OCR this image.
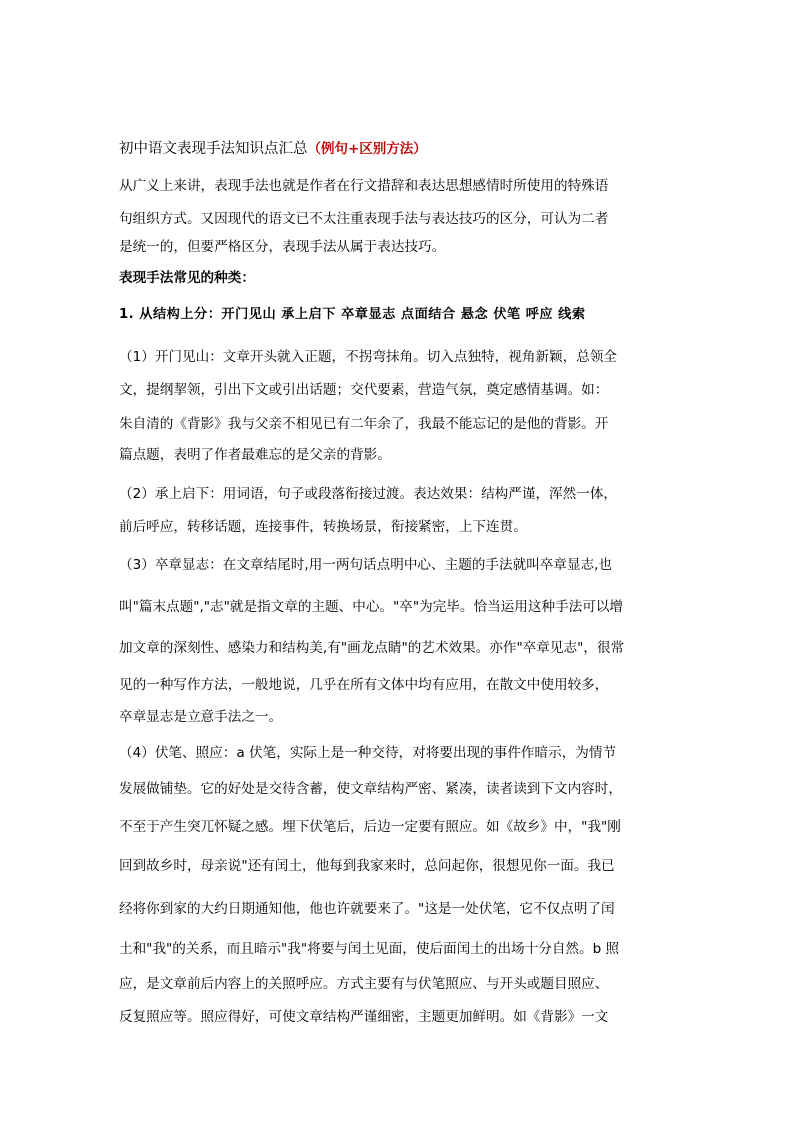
初中语文表现手法知识点汇总（例句+区别方法）
从广义上来讲，表现手法也就是作者在行文措辞和表达思想感情时所使用的特殊语
句组织方式。又因现代的语文已不太注重表现手法与表达技巧的区分，可认为二者
是统一的，但要严格区分，表现手法从属于表达技巧。
表现手法常见的种类：
1. 从结构上分：开门见山 承上启下 卒章显志 点面结合 悬念 伏笔 呼应 线索
（1）开门见山：文章开头就入正题，不拐弯抹角。切入点独特，视角新颖，总领全
文，提纲挈领，引出下文或引出话题；交代要素，营造气氛，奠定感情基调。如：
朱自清的《背影》我与父亲不相见已有二年余了，我最不能忘记的是他的背影。开
篇点题，表明了作者最难忘的是父亲的背影。
（2）承上启下：用词语，句子或段落衔接过渡。表达效果：结构严谨，浑然一体，
前后呼应，转移话题，连接事件，转换场景，衔接紧密，上下连贯。
（3）卒章显志：在文章结尾时,用一两句话点明中心、主题的手法就叫卒章显志,也
叫"篇末点题","志"就是指文章的主题、中心。"卒"为完毕。恰当运用这种手法可以增
加文章的深刻性、感染力和结构美,有"画龙点睛"的艺术效果。亦作"卒章见志"，很常
见的一种写作方法，一般地说，几乎在所有文体中均有应用，在散文中使用较多，
卒章显志是立意手法之一。
（4）伏笔、照应：a 伏笔，实际上是一种交待，对将要出现的事件作暗示，为情节
发展做铺垫。它的好处是交待含蓄，使文章结构严密、紧凑，读者读到下文内容时，
不至于产生突兀怀疑之感。埋下伏笔后，后边一定要有照应。如《故乡》中，"我"刚
回到故乡时，母亲说"还有闰土，他每到我家来时，总问起你，很想见你一面。我已
经将你到家的大约日期通知他，他也许就要来了。"这是一处伏笔，它不仅点明了闰
土和"我"的关系，而且暗示"我"将要与闰土见面，使后面闰土的出场十分自然。b 照
应，是文章前后内容上的关照呼应。方式主要有与伏笔照应、与开头或题目照应、
反复照应等。照应得好，可使文章结构严谨细密，主题更加鲜明。如《背影》一文
